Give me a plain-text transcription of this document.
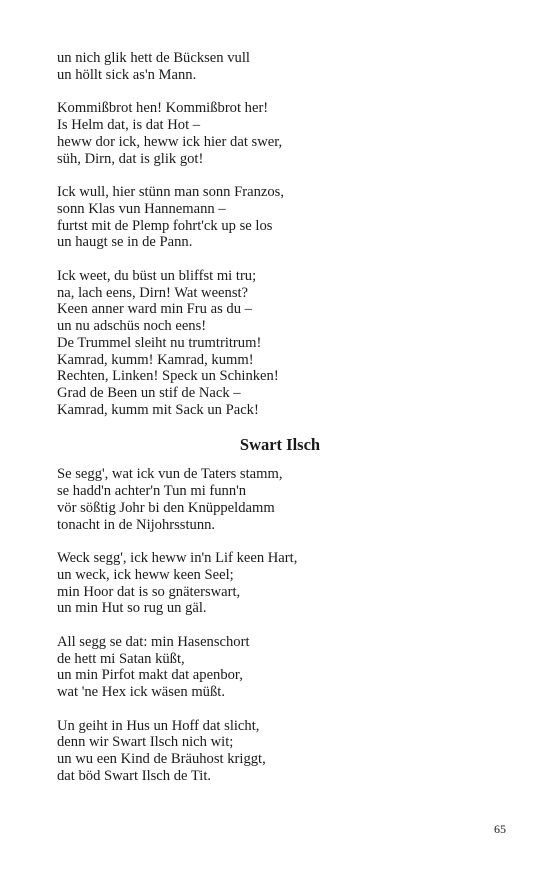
un nich glik hett de Bücksen vull
un höllt sick as'n Mann.
Kommißbrot hen! Kommißbrot her!
Is Helm dat, is dat Hot –
heww dor ick, heww ick hier dat swer,
süh, Dirn, dat is glik got!
Ick wull, hier stünn man sonn Franzos,
sonn Klas vun Hannemann –
furtst mit de Plemp fohrt'ck up se los
un haugt se in de Pann.
Ick weet, du büst un bliffst mi tru;
na, lach eens, Dirn! Wat weenst?
Keen anner ward min Fru as du –
un nu adschüs noch eens!
De Trummel sleiht nu trumtritrum!
Kamrad, kumm! Kamrad, kumm!
Rechten, Linken! Speck un Schinken!
Grad de Been un stif de Nack –
Kamrad, kumm mit Sack un Pack!
Swart Ilsch
Se segg', wat ick vun de Taters stamm,
se hadd'n achter'n Tun mi funn'n
vör sößtig Johr bi den Knüppeldamm
tonacht in de Nijohrsstunn.
Weck segg', ick heww in'n Lif keen Hart,
un weck, ick heww keen Seel;
min Hoor dat is so gnäterswart,
un min Hut so rug un gäl.
All segg se dat: min Hasenschort
de hett mi Satan küßt,
un min Pirfot makt dat apenbor,
wat 'ne Hex ick wäsen müßt.
Un geiht in Hus un Hoff dat slicht,
denn wir Swart Ilsch nich wit;
un wu een Kind de Bräuhost kriggt,
dat böd Swart Ilsch de Tit.
65
